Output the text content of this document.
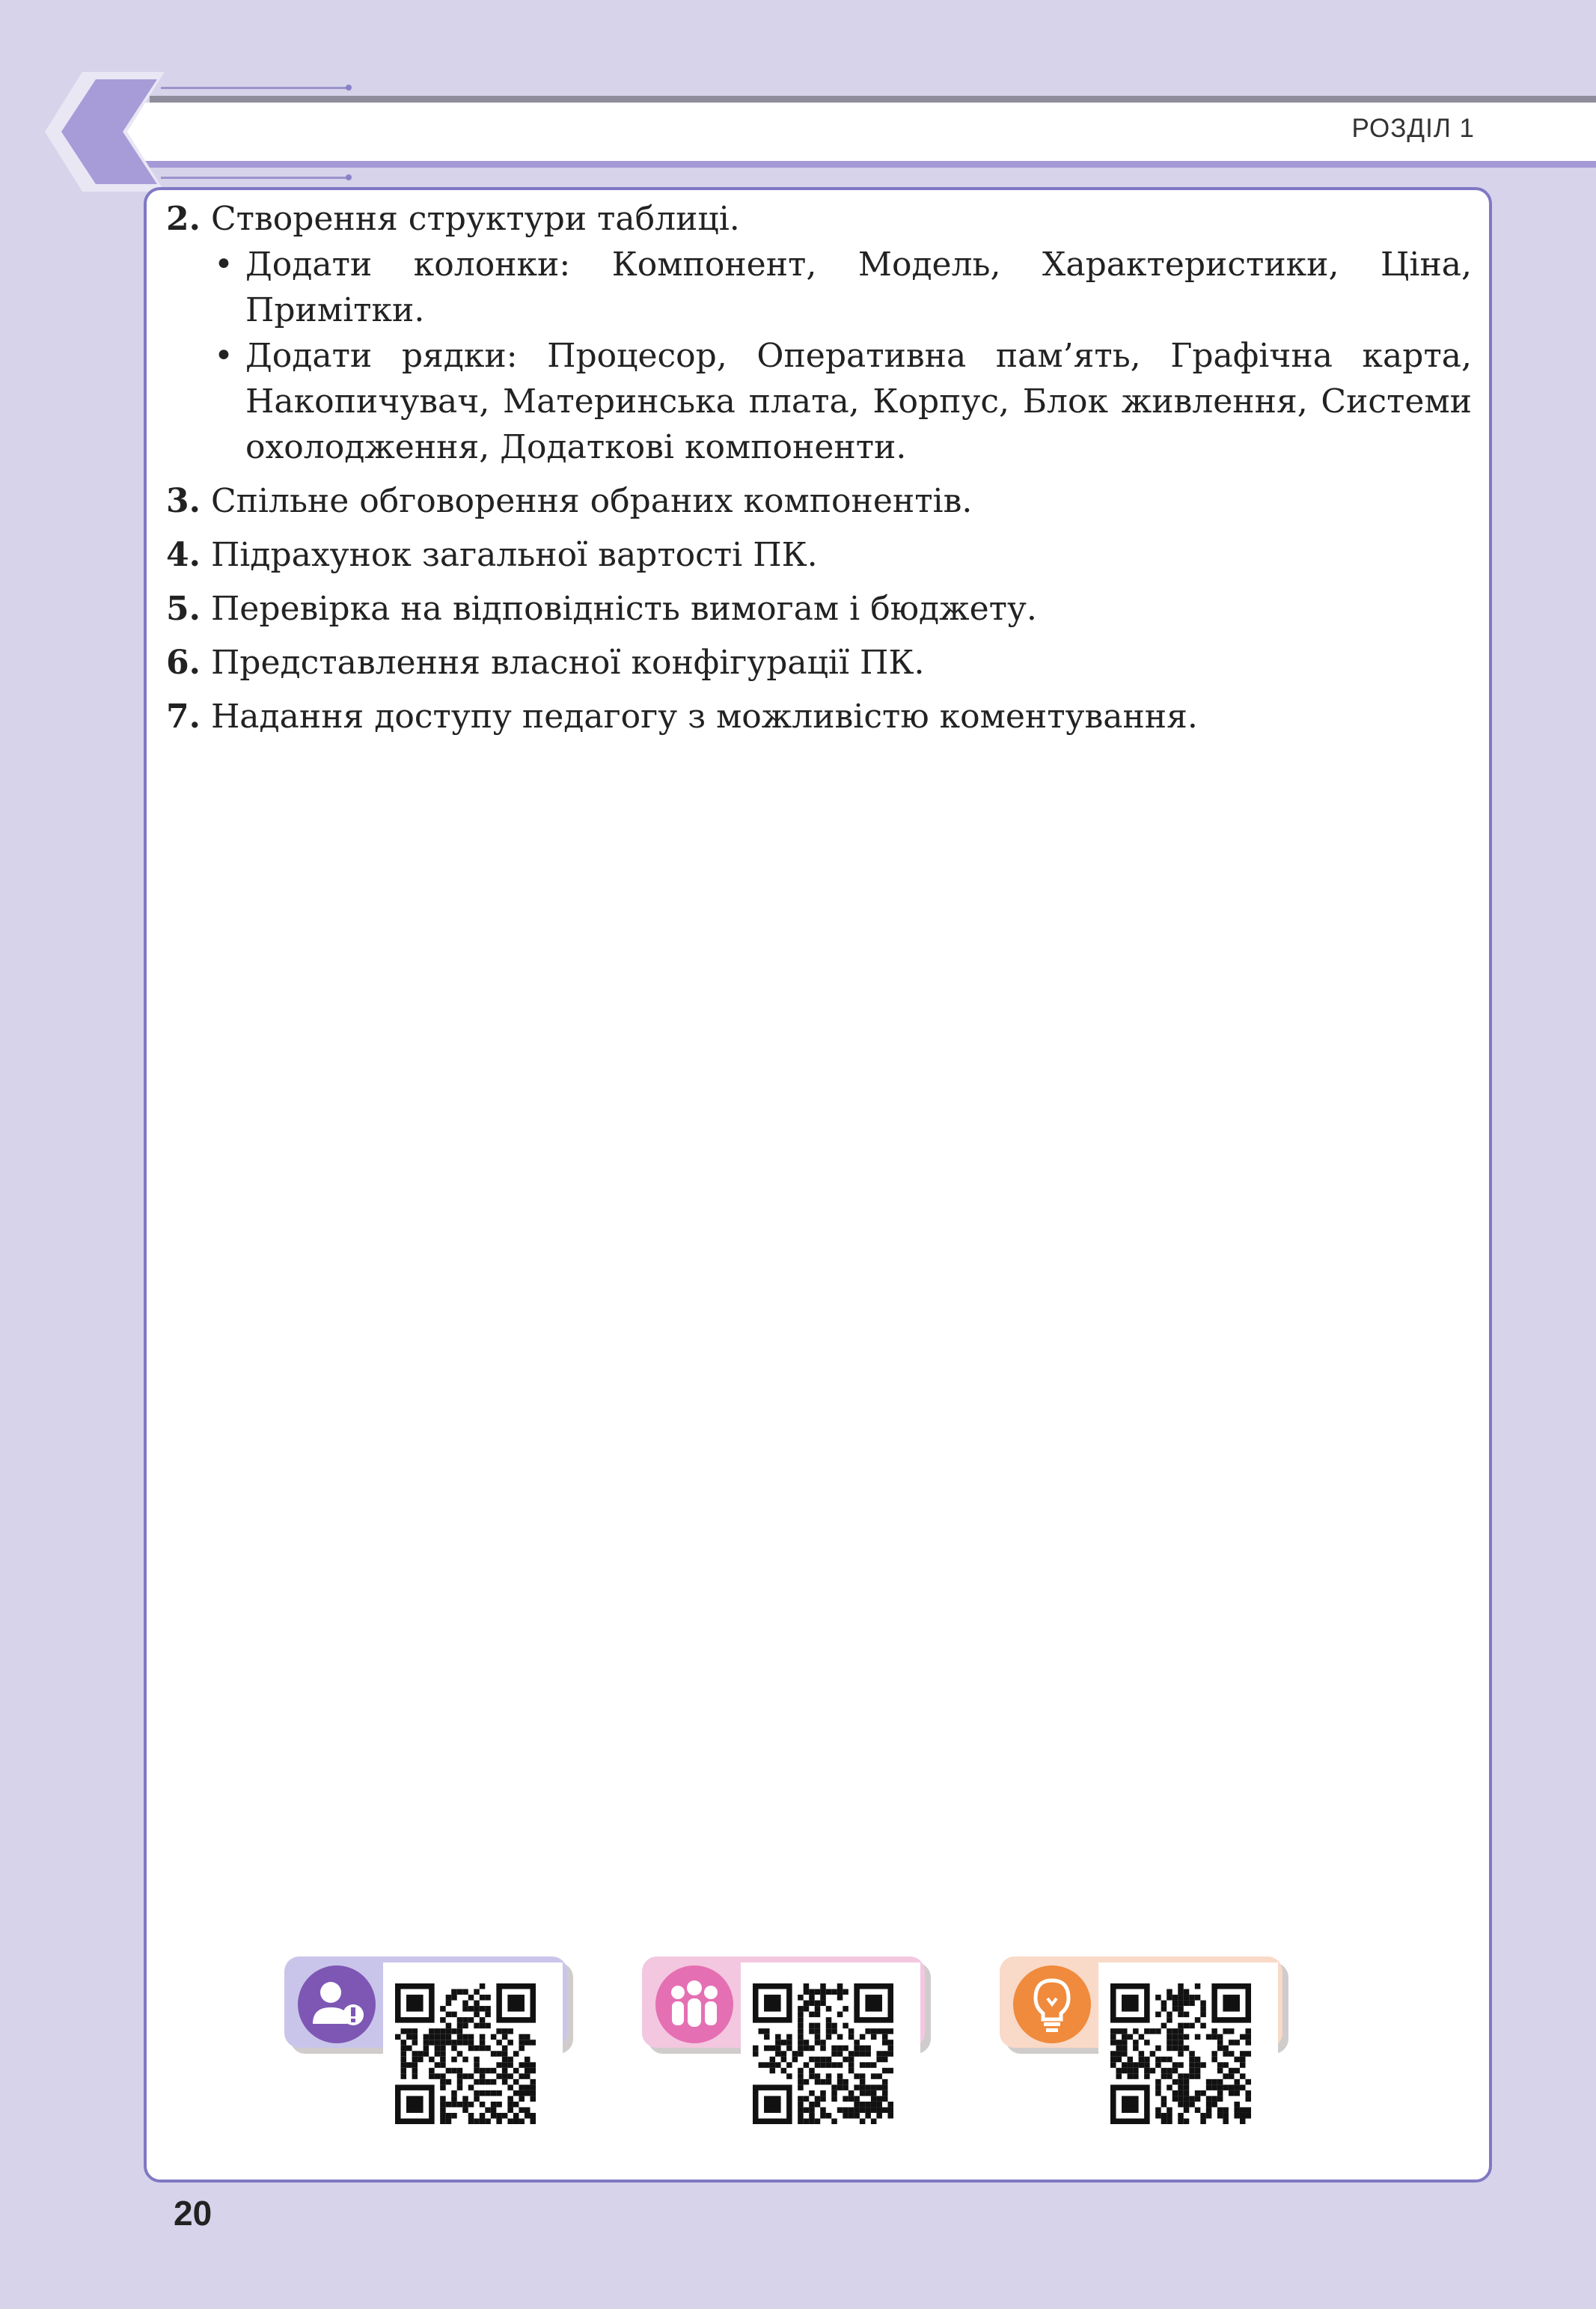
РОЗДІЛ 1
2. Створення структури таблиці.
• Додати колонки: Компонент, Модель, Характеристики, Ціна, Примітки.
• Додати рядки: Процесор, Оперативна пам’ять, Графічна карта, Накопичувач, Материнська плата, Корпус, Блок живлення, Системи охолодження, Додаткові компоненти.
3. Спільне обговорення обраних компонентів.
4. Підрахунок загальної вартості ПК.
5. Перевірка на відповідність вимогам і бюджету.
6. Представлення власної конфігурації ПК.
7. Надання доступу педагогу з можливістю коментування.
20
